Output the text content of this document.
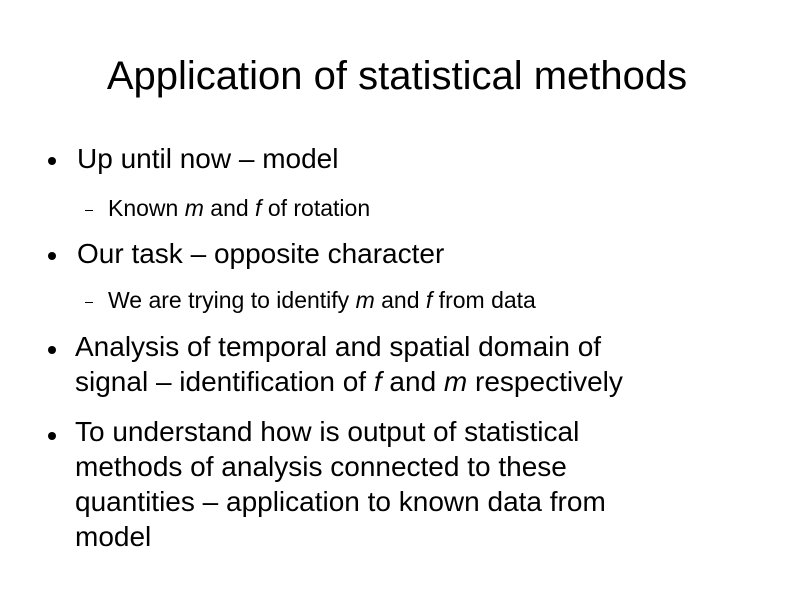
Application of statistical methods
Up until now – model
Known m and f of rotation
Our task – opposite character
We are trying to identify m and f from data
Analysis of temporal and spatial domain of
signal – identification of f and m respectively
To understand how is output of statistical
methods of analysis connected to these
quantities – application to known data from
model
